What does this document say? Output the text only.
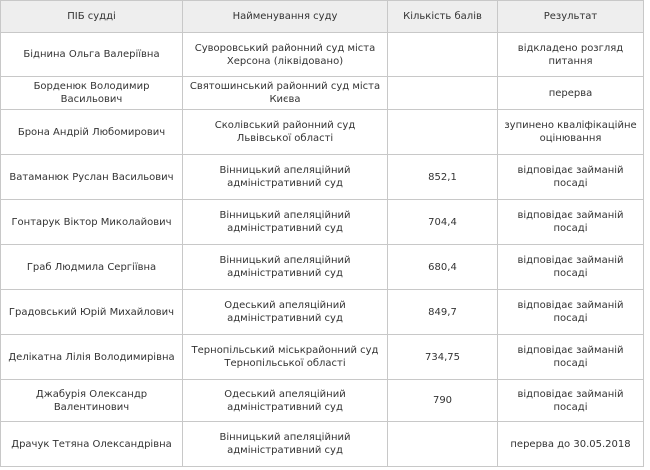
ПІБ судді	Найменування суду	Кількість балів	Результат
Біднина Ольга Валеріївна	Суворовський районний суд міста Херсона (ліквідовано)		відкладено розгляд питання
Борденюк Володимир Васильович	Святошинський районний суд міста Києва		перерва
Брона Андрій Любомирович	Сколівський районний суд Львівської області		зупинено кваліфікаційне оцінювання
Ватаманюк Руслан Васильович	Вінницький апеляційний адміністративний суд	852,1	відповідає займаній посаді
Гонтарук Віктор Миколайович	Вінницький апеляційний адміністративний суд	704,4	відповідає займаній посаді
Граб Людмила Сергіївна	Вінницький апеляційний адміністративний суд	680,4	відповідає займаній посаді
Градовський Юрій Михайлович	Одеський апеляційний адміністративний суд	849,7	відповідає займаній посаді
Делікатна Лілія Володимирівна	Тернопільський міськрайонний суд Тернопільської області	734,75	відповідає займаній посаді
Джабурія Олександр Валентинович	Одеський апеляційний адміністративний суд	790	відповідає займаній посаді
Драчук Тетяна Олександрівна	Вінницький апеляційний адміністративний суд		перерва до 30.05.2018
